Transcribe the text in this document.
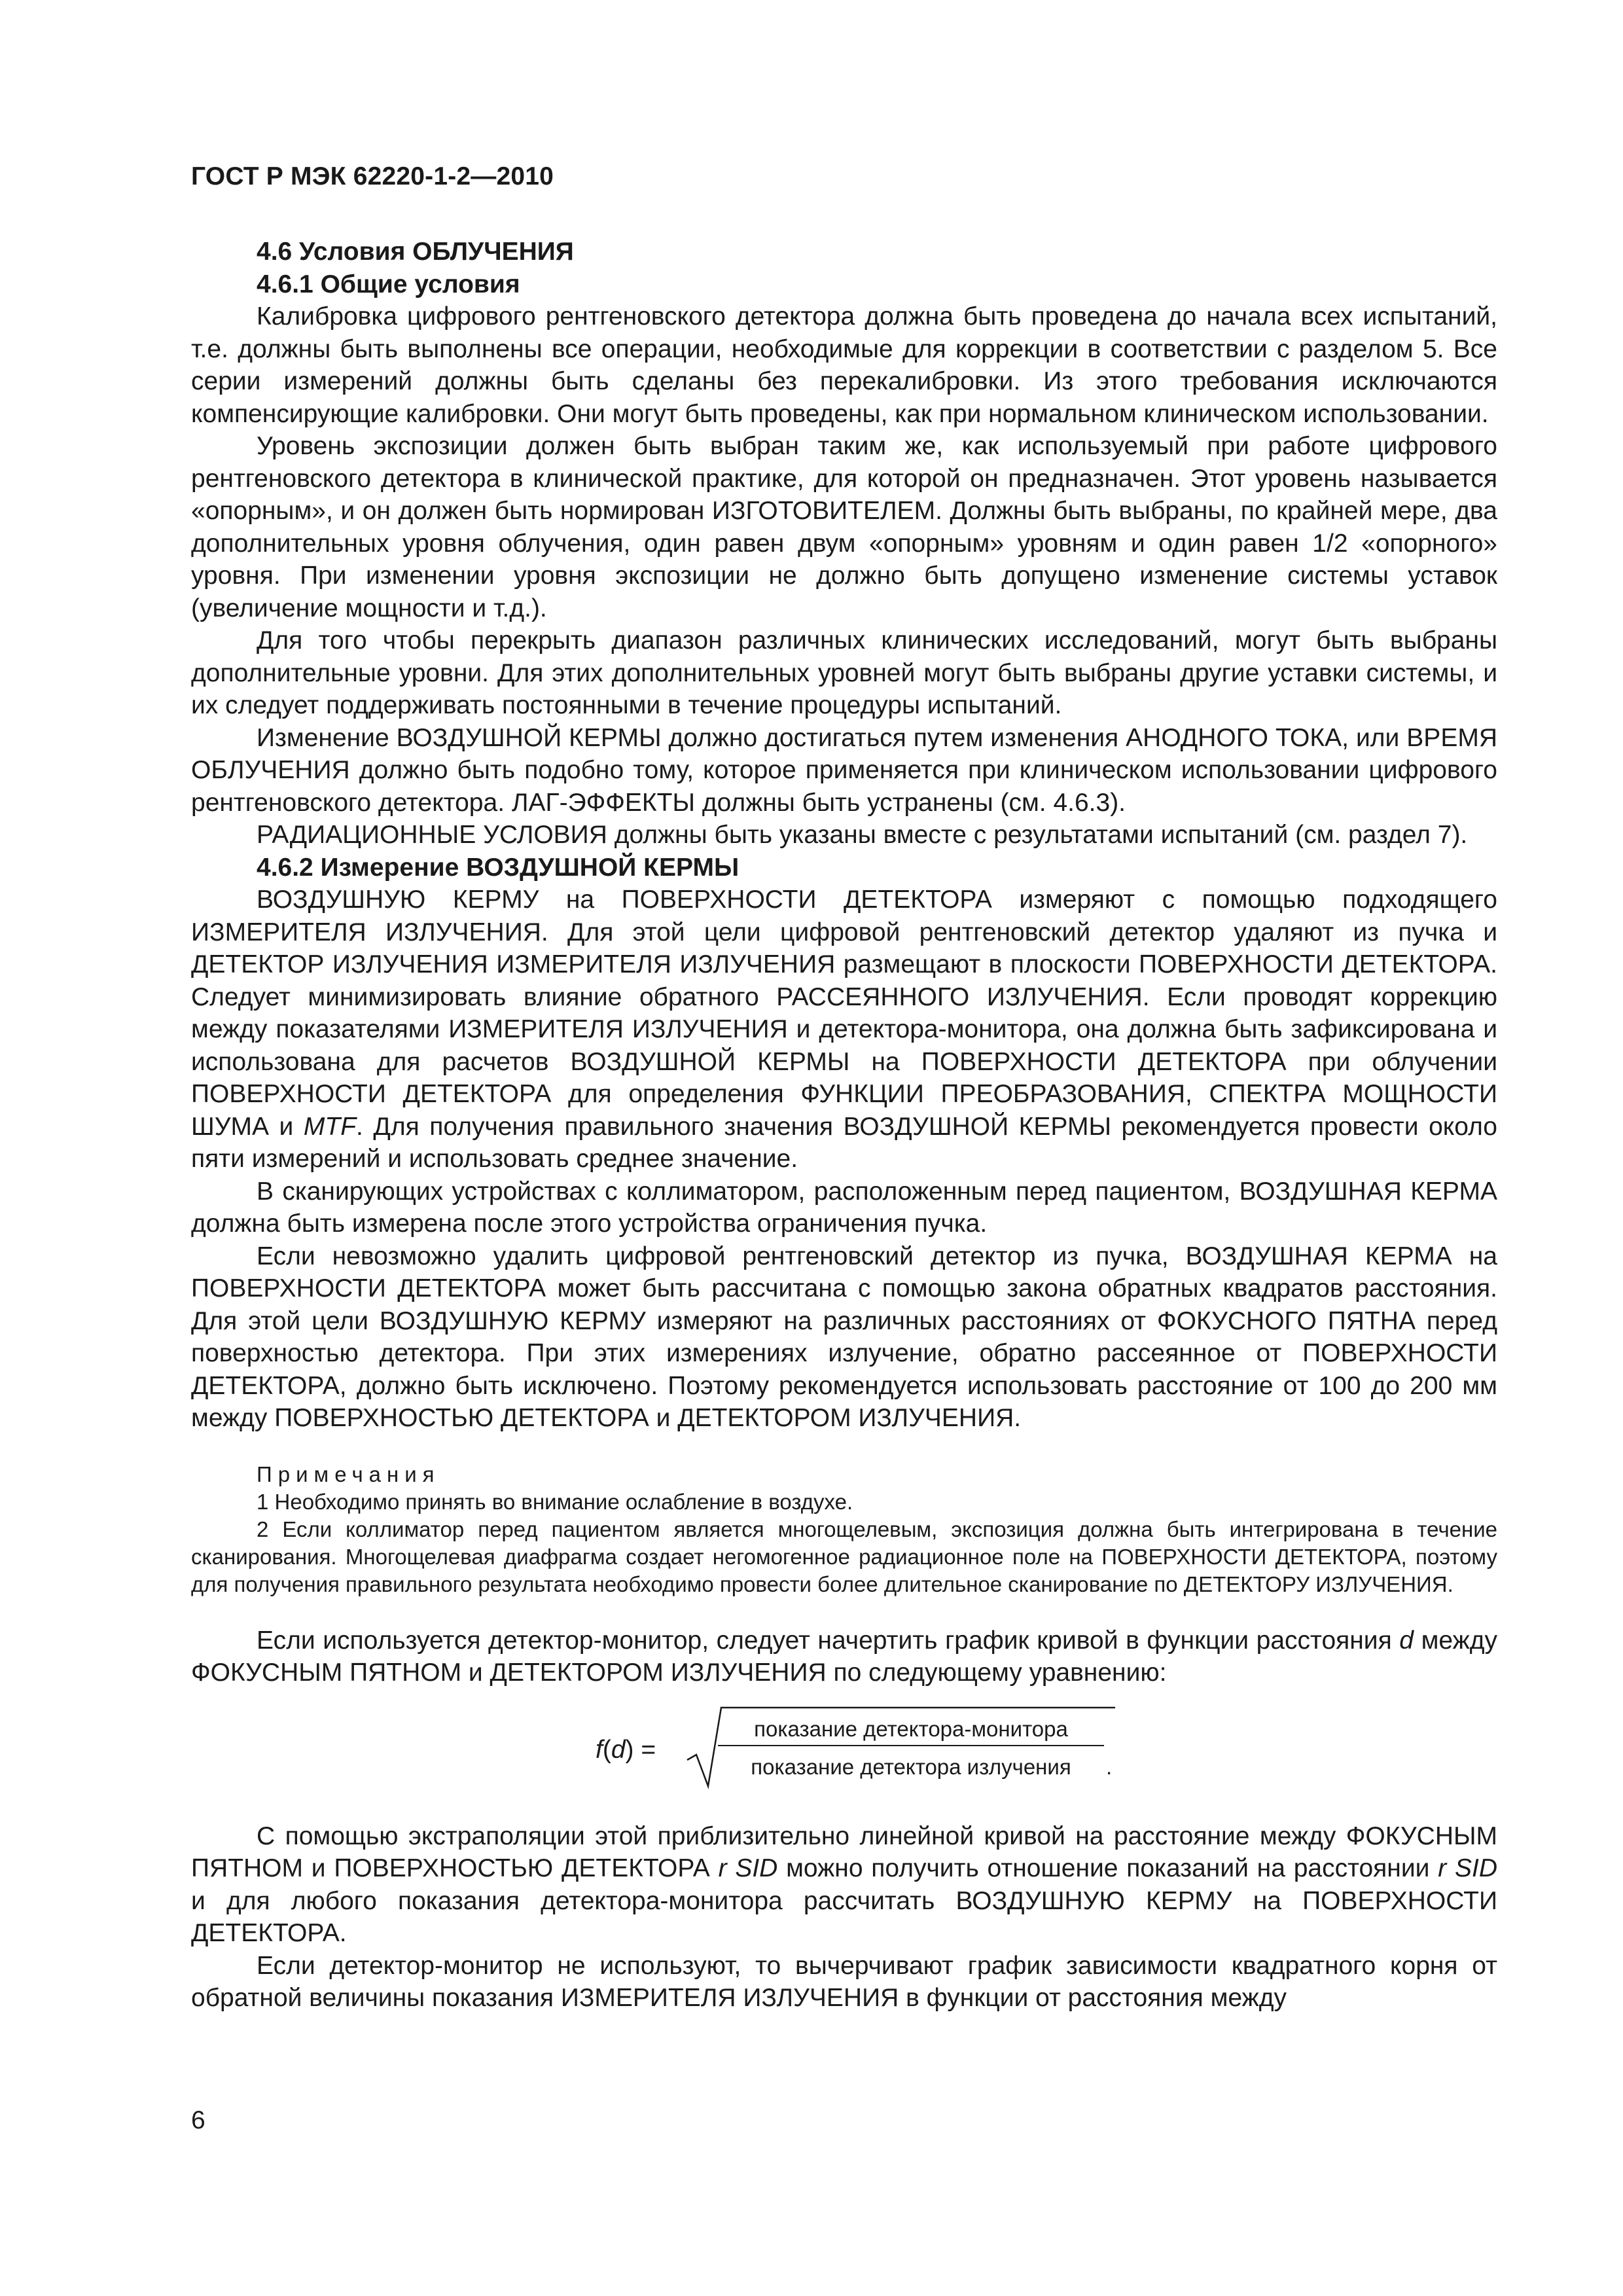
ГОСТ Р МЭК 62220-1-2—2010

4.6 Условия ОБЛУЧЕНИЯ

4.6.1 Общие условия

Калибровка цифрового рентгеновского детектора должна быть проведена до начала всех испытаний, т.е. должны быть выполнены все операции, необходимые для коррекции в соответствии с разделом 5. Все серии измерений должны быть сделаны без перекалибровки. Из этого требования исключаются компенсирующие калибровки. Они могут быть проведены, как при нормальном клиническом использовании.

Уровень экспозиции должен быть выбран таким же, как используемый при работе цифрового рентгеновского детектора в клинической практике, для которой он предназначен. Этот уровень называется «опорным», и он должен быть нормирован ИЗГОТОВИТЕЛЕМ. Должны быть выбраны, по крайней мере, два дополнительных уровня облучения, один равен двум «опорным» уровням и один равен 1/2 «опорного» уровня. При изменении уровня экспозиции не должно быть допущено изменение системы уставок (увеличение мощности и т.д.).

Для того чтобы перекрыть диапазон различных клинических исследований, могут быть выбраны дополнительные уровни. Для этих дополнительных уровней могут быть выбраны другие уставки системы, и их следует поддерживать постоянными в течение процедуры испытаний.

Изменение ВОЗДУШНОЙ КЕРМЫ должно достигаться путем изменения АНОДНОГО ТОКА, или ВРЕМЯ ОБЛУЧЕНИЯ должно быть подобно тому, которое применяется при клиническом использовании цифрового рентгеновского детектора. ЛАГ-ЭФФЕКТЫ должны быть устранены (см. 4.6.3).

РАДИАЦИОННЫЕ УСЛОВИЯ должны быть указаны вместе с результатами испытаний (см. раздел 7).

4.6.2 Измерение ВОЗДУШНОЙ КЕРМЫ

ВОЗДУШНУЮ КЕРМУ на ПОВЕРХНОСТИ ДЕТЕКТОРА измеряют с помощью подходящего ИЗМЕРИТЕЛЯ ИЗЛУЧЕНИЯ. Для этой цели цифровой рентгеновский детектор удаляют из пучка и ДЕТЕКТОР ИЗЛУЧЕНИЯ ИЗМЕРИТЕЛЯ ИЗЛУЧЕНИЯ размещают в плоскости ПОВЕРХНОСТИ ДЕТЕКТОРА. Следует минимизировать влияние обратного РАССЕЯННОГО ИЗЛУЧЕНИЯ. Если проводят коррекцию между показателями ИЗМЕРИТЕЛЯ ИЗЛУЧЕНИЯ и детектора-монитора, она должна быть зафиксирована и использована для расчетов ВОЗДУШНОЙ КЕРМЫ на ПОВЕРХНОСТИ ДЕТЕКТОРА при облучении ПОВЕРХНОСТИ ДЕТЕКТОРА для определения ФУНКЦИИ ПРЕОБРАЗОВАНИЯ, СПЕКТРА МОЩНОСТИ ШУМА и MTF. Для получения правильного значения ВОЗДУШНОЙ КЕРМЫ рекомендуется провести около пяти измерений и использовать среднее значение.

В сканирующих устройствах с коллиматором, расположенным перед пациентом, ВОЗДУШНАЯ КЕРМА должна быть измерена после этого устройства ограничения пучка.

Если невозможно удалить цифровой рентгеновский детектор из пучка, ВОЗДУШНАЯ КЕРМА на ПОВЕРХНОСТИ ДЕТЕКТОРА может быть рассчитана с помощью закона обратных квадратов расстояния. Для этой цели ВОЗДУШНУЮ КЕРМУ измеряют на различных расстояниях от ФОКУСНОГО ПЯТНА перед поверхностью детектора. При этих измерениях излучение, обратно рассеянное от ПОВЕРХНОСТИ ДЕТЕКТОРА, должно быть исключено. Поэтому рекомендуется использовать расстояние от 100 до 200 мм между ПОВЕРХНОСТЬЮ ДЕТЕКТОРА и ДЕТЕКТОРОМ ИЗЛУЧЕНИЯ.

Примечания

1 Необходимо принять во внимание ослабление в воздухе.

2 Если коллиматор перед пациентом является многощелевым, экспозиция должна быть интегрирована в течение сканирования. Многощелевая диафрагма создает негомогенное радиационное поле на ПОВЕРХНОСТИ ДЕТЕКТОРА, поэтому для получения правильного результата необходимо провести более длительное сканирование по ДЕТЕКТОРУ ИЗЛУЧЕНИЯ.

Если используется детектор-монитор, следует начертить график кривой в функции расстояния d между ФОКУСНЫМ ПЯТНОМ и ДЕТЕКТОРОМ ИЗЛУЧЕНИЯ по следующему уравнению:

f(d) =
показание детектора-монитора
показание детектора излучения	.

С помощью экстраполяции этой приблизительно линейной кривой на расстояние между ФОКУСНЫМ ПЯТНОМ и ПОВЕРХНОСТЬЮ ДЕТЕКТОРА r SID можно получить отношение показаний на расстоянии r SID и для любого показания детектора-монитора рассчитать ВОЗДУШНУЮ КЕРМУ на ПОВЕРХНОСТИ ДЕТЕКТОРА.

Если детектор-монитор не используют, то вычерчивают график зависимости квадратного корня от обратной величины показания ИЗМЕРИТЕЛЯ ИЗЛУЧЕНИЯ в функции от расстояния между

6
